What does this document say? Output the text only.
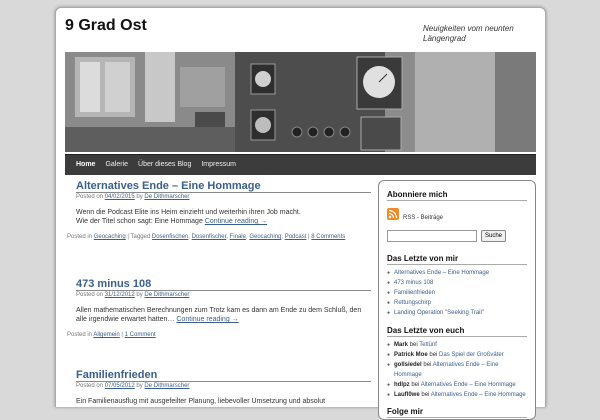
9 Grad Ost	Neuigkeiten vom neunten Längengrad
Home Galerie Über dieses Blog Impressum
Alternatives Ende – Eine Hommage
Posted on 04/02/2015 by De Dithmarscher
Wenn die Podcast Elite ins Heim einzieht und weiterhin ihren Job macht.
Wie der Titel schon sagt: Eine Hommage Continue reading →
Posted in Geocaching | Tagged Dosenfischen, Dosenfischer, Finale, Geocaching, Podcast | 8 Comments
473 minus 108
Posted on 31/12/2012 by De Dithmarscher
Allen mathematischen Berechnungen zum Trotz kam es dann am Ende zu dem Schluß, den
alle irgendwie erwartet hatten… Continue reading →
Posted in Allgemein | 1 Comment
Familienfrieden
Posted on 07/05/2012 by De Dithmarscher
Ein Familienausflug mit ausgefeilter Planung, liebevoller Umsetzung und absolut
Abonniere mich
RSS - Beiträge
Suche
Das Letzte von mir
● Alternatives Ende – Eine Hommage
● 473 minus 108
● Familienfrieden
● Rettungschirp
● Landing Operation "Seeking Trail"
Das Letzte von euch
● Mark bei Tetlünf
● Patrick Moe bei Das Spiel der Großväter
● gollsiedel bei Alternatives Ende – Eine Hommage
● hdlpz bei Alternatives Ende – Eine Hommage
● Laufl0we bei Alternatives Ende – Eine Hommage
Folge mir
